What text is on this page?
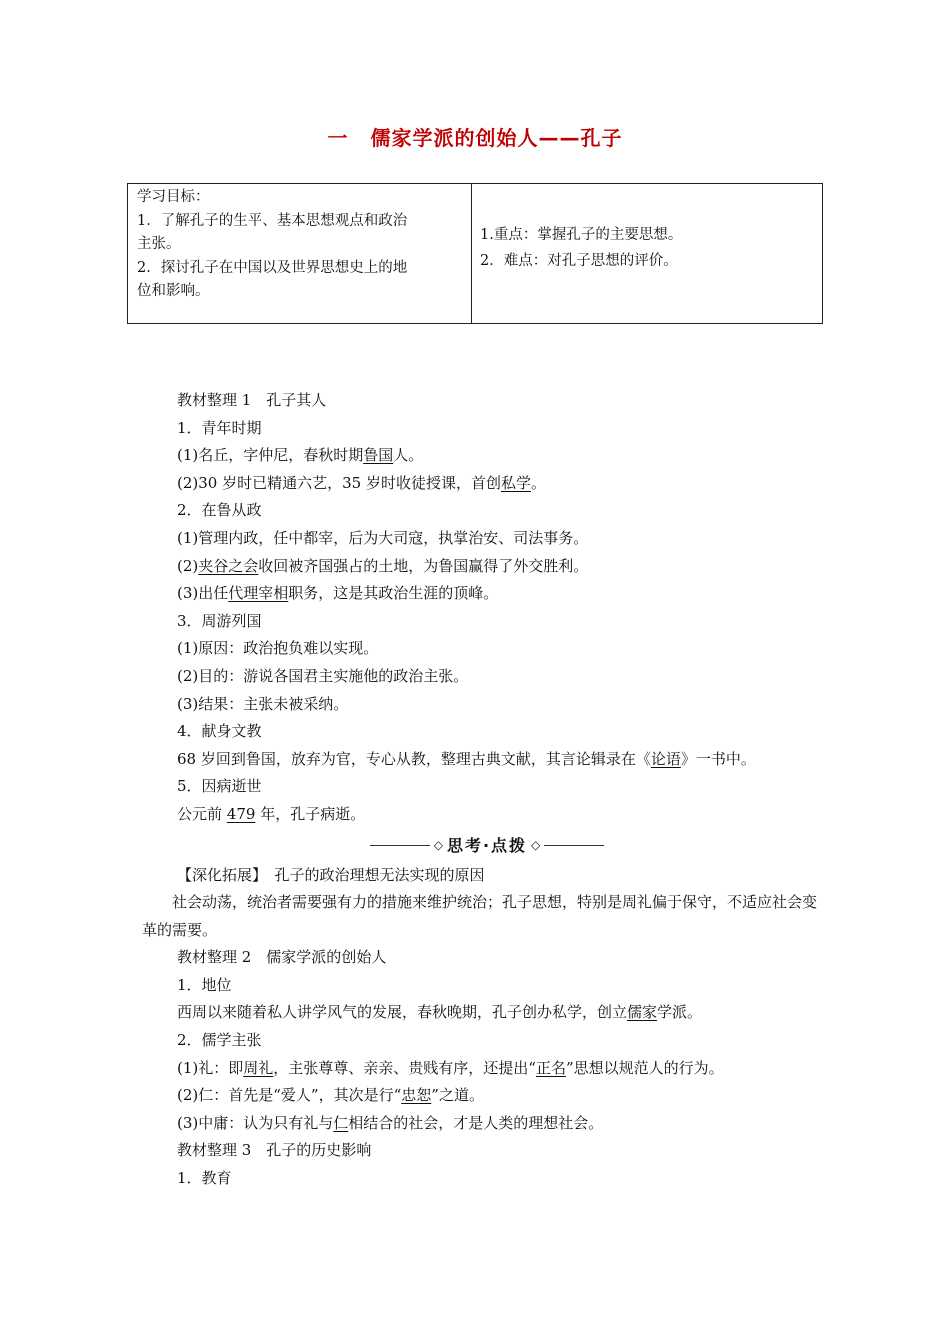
一 儒家学派的创始人——孔子
学习目标：
1．了解孔子的生平、基本思想观点和政治
主张。
2．探讨孔子在中国以及世界思想史上的地
位和影响。
1.重点：掌握孔子的主要思想。
2．难点：对孔子思想的评价。
教材整理 1　孔子其人
1．青年时期
(1)名丘，字仲尼，春秋时期鲁国人。
(2)30 岁时已精通六艺，35 岁时收徒授课，首创私学。
2．在鲁从政
(1)管理内政，任中都宰，后为大司寇，执掌治安、司法事务。
(2)夹谷之会收回被齐国强占的土地，为鲁国赢得了外交胜利。
(3)出任代理宰相职务，这是其政治生涯的顶峰。
3．周游列国
(1)原因：政治抱负难以实现。
(2)目的：游说各国君主实施他的政治主张。
(3)结果：主张未被采纳。
4．献身文教
68 岁回到鲁国，放弃为官，专心从教，整理古典文献，其言论辑录在《论语》一书中。
5．因病逝世
公元前 479 年，孔子病逝。
◇ 思考·点拨 ◇
【深化拓展】　 孔子的政治理想无法实现的原因
社会动荡，统治者需要强有力的措施来维护统治；孔子思想，特别是周礼偏于保守，不适应社会变革的需要。
教材整理 2　儒家学派的创始人
1．地位
西周以来随着私人讲学风气的发展，春秋晚期，孔子创办私学，创立儒家学派。
2．儒学主张
(1)礼：即周礼，主张尊尊、亲亲、贵贱有序，还提出“正名”思想以规范人的行为。
(2)仁：首先是“爱人”，其次是行“忠恕”之道。
(3)中庸：认为只有礼与仁相结合的社会，才是人类的理想社会。
教材整理 3　孔子的历史影响
1．教育
